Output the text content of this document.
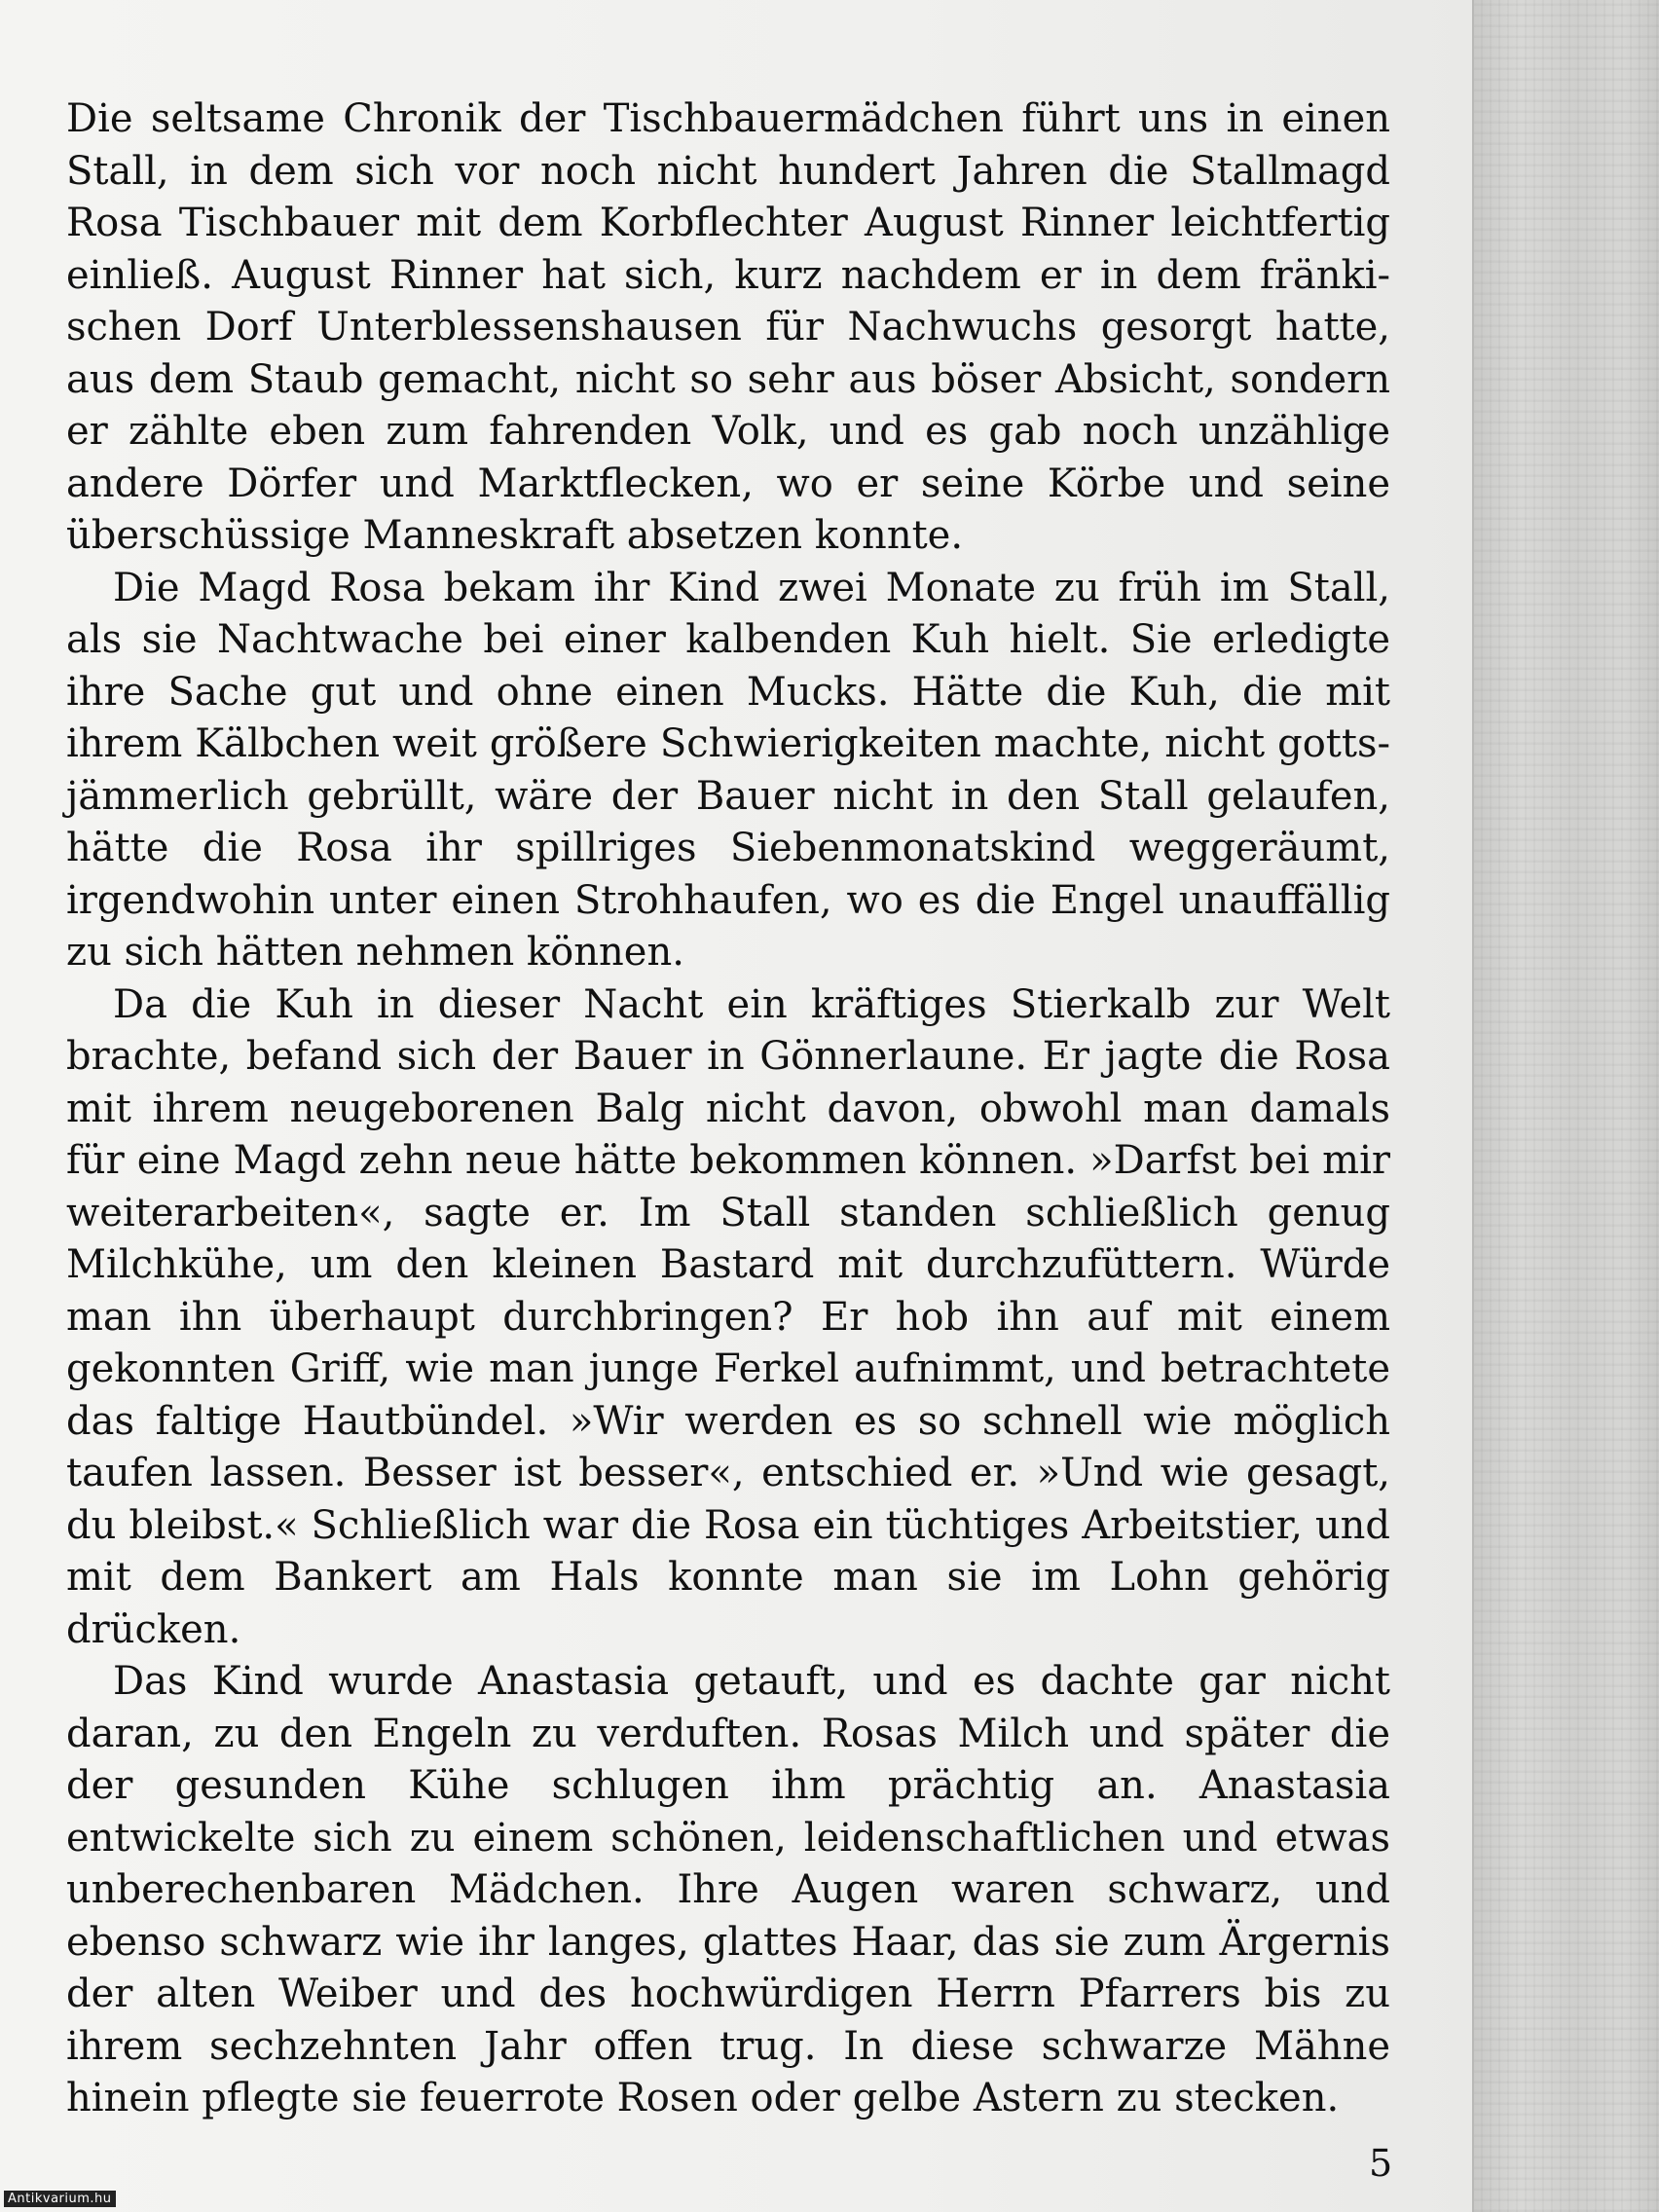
Die seltsame Chronik der Tischbauermädchen führt uns in einen Stall, in dem sich vor noch nicht hundert Jahren die Stallmagd Rosa Tischbauer mit dem Korbflechter August Rinner leichtfertig einließ. August Rinner hat sich, kurz nachdem er in dem fränkischen Dorf Unterblessenshausen für Nachwuchs gesorgt hatte, aus dem Staub gemacht, nicht so sehr aus böser Absicht, sondern er zählte eben zum fahrenden Volk, und es gab noch unzählige andere Dörfer und Marktflecken, wo er seine Körbe und seine überschüssige Manneskraft absetzen konnte.

Die Magd Rosa bekam ihr Kind zwei Monate zu früh im Stall, als sie Nachtwache bei einer kalbenden Kuh hielt. Sie erledigte ihre Sache gut und ohne einen Mucks. Hätte die Kuh, die mit ihrem Kälbchen weit größere Schwierigkeiten machte, nicht gottsjämmerlich gebrüllt, wäre der Bauer nicht in den Stall gelaufen, hätte die Rosa ihr spillriges Siebenmonatskind weggeräumt, irgendwohin unter einen Strohhaufen, wo es die Engel unauffällig zu sich hätten nehmen können.

Da die Kuh in dieser Nacht ein kräftiges Stierkalb zur Welt brachte, befand sich der Bauer in Gönnerlaune. Er jagte die Rosa mit ihrem neugeborenen Balg nicht davon, obwohl man damals für eine Magd zehn neue hätte bekommen können. »Darfst bei mir weiterarbeiten«, sagte er. Im Stall standen schließlich genug Milchkühe, um den kleinen Bastard mit durchzufüttern. Würde man ihn überhaupt durchbringen? Er hob ihn auf mit einem gekonnten Griff, wie man junge Ferkel aufnimmt, und betrachtete das faltige Hautbündel. »Wir werden es so schnell wie möglich taufen lassen. Besser ist besser«, entschied er. »Und wie gesagt, du bleibst.« Schließlich war die Rosa ein tüchtiges Arbeitstier, und mit dem Bankert am Hals konnte man sie im Lohn gehörig drücken.

Das Kind wurde Anastasia getauft, und es dachte gar nicht daran, zu den Engeln zu verduften. Rosas Milch und später die der gesunden Kühe schlugen ihm prächtig an. Anastasia entwickelte sich zu einem schönen, leidenschaftlichen und etwas unberechenbaren Mädchen. Ihre Augen waren schwarz, und ebenso schwarz wie ihr langes, glattes Haar, das sie zum Ärgernis der alten Weiber und des hochwürdigen Herrn Pfarrers bis zu ihrem sechzehnten Jahr offen trug. In diese schwarze Mähne hinein pflegte sie feuerrote Rosen oder gelbe Astern zu stecken.

5
Antikvarium.hu
